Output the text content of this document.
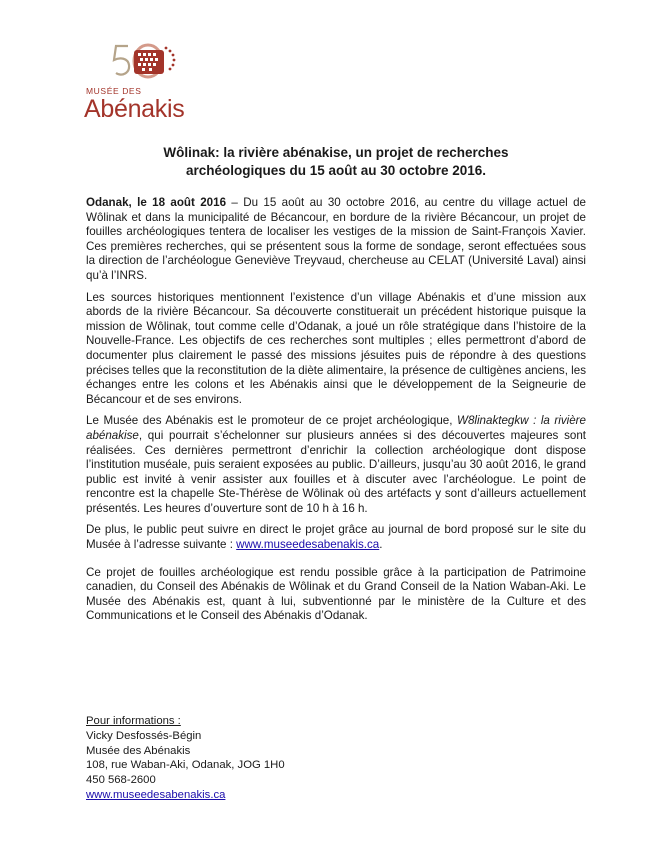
MUSÉE DES
Abénakis
Wôlinak: la rivière abénakise, un projet de recherches
archéologiques du 15 août au 30 octobre 2016.

Odanak, le 18 août 2016 – Du 15 août au 30 octobre 2016, au centre du village actuel de Wôlinak et dans la municipalité de Bécancour, en bordure de la rivière Bécancour, un projet de fouilles archéologiques tentera de localiser les vestiges de la mission de Saint-François Xavier. Ces premières recherches, qui se présentent sous la forme de sondage, seront effectuées sous la direction de l’archéologue Geneviève Treyvaud, chercheuse au CELAT (Université Laval) ainsi qu’à l’INRS.

Les sources historiques mentionnent l’existence d’un village Abénakis et d’une mission aux abords de la rivière Bécancour. Sa découverte constituerait un précédent historique puisque la mission de Wôlinak, tout comme celle d’Odanak, a joué un rôle stratégique dans l’histoire de la Nouvelle-France. Les objectifs de ces recherches sont multiples ; elles permettront d’abord de documenter plus clairement le passé des missions jésuites puis de répondre à des questions précises telles que la reconstitution de la diète alimentaire, la présence de cultigènes anciens, les échanges entre les colons et les Abénakis ainsi que le développement de la Seigneurie de Bécancour et de ses environs.

Le Musée des Abénakis est le promoteur de ce projet archéologique, W8linaktegkw : la rivière abénakise, qui pourrait s’échelonner sur plusieurs années si des découvertes majeures sont réalisées. Ces dernières permettront d’enrichir la collection archéologique dont dispose l’institution muséale, puis seraient exposées au public. D’ailleurs, jusqu’au 30 août 2016, le grand public est invité à venir assister aux fouilles et à discuter avec l’archéologue. Le point de rencontre est la chapelle Ste-Thérèse de Wôlinak où des artéfacts y sont d’ailleurs actuellement présentés. Les heures d’ouverture sont de 10 h à 16 h.

De plus, le public peut suivre en direct le projet grâce au journal de bord proposé sur le site du Musée à l’adresse suivante : www.museedesabenakis.ca.

Ce projet de fouilles archéologique est rendu possible grâce à la participation de Patrimoine canadien, du Conseil des Abénakis de Wôlinak et du Grand Conseil de la Nation Waban-Aki. Le Musée des Abénakis est, quant à lui, subventionné par le ministère de la Culture et des Communications et le Conseil des Abénakis d’Odanak.

Pour informations :
Vicky Desfossés-Bégin
Musée des Abénakis
108, rue Waban-Aki, Odanak, JOG 1H0
450 568-2600
www.museedesabenakis.ca
